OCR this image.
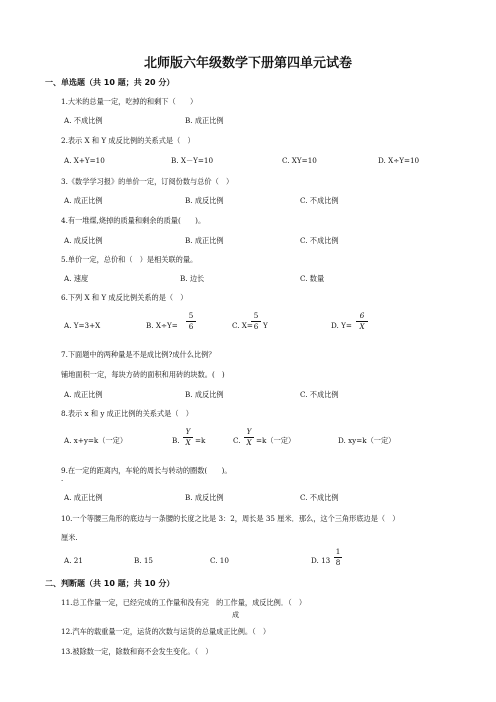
北师版六年级数学下册第四单元试卷
一、单选题（共 10 题；共 20 分）
1.大米的总量一定，吃掉的和剩下（　　）
A. 不成比例	B. 成正比例
2.表示 X 和 Y 成反比例的关系式是（　）
A. X+Y=10	B. X－Y=10	C. XY=10	D. X÷Y=10
3.《数学学习报》的单价一定，订阅份数与总价（　）
A. 成正比例	B. 成反比例	C. 不成比例
4.有一堆煤,烧掉的质量和剩余的质量(　　)。
A. 成反比例	B. 成正比例	C. 不成比例
5.单价一定，总价和（　）是相关联的量。
A. 速度	B. 边长	C. 数量
6.下列 X 和 Y 成反比例关系的是（　）
A. Y=3+X	B. $X\div Y= \frac{5}{6}$	C. X=
$\frac{5}{6}$ Y	D. $Y= \frac{6}{X}$
7.下面题中的两种量是不是成比例?成什么比例？
铺地面积一定，每块方砖的面积和用砖的块数。(　)
A. 成正比例	B. 成反比例	C. 不成比例
8.表示 x 和 y 成正比例的关系式是（　）
A. x+y=k（一定）	B. $\frac{Y}{X} =k$	C. $\frac{Y}{X} =k$（一定）	D. xy=k（一定）
9.在一定的距离内，车轮的周长与转动的圈数(　　)。
·
A. 成正比例	B. 成反比例	C. 不成比例
10.一个等腰三角形的底边与一条腰的长度之比是 3：2，周长是 35 厘米．那么，这个三角形底边是（　）
厘米.
A. 21	B. 15	C. 10	D. $13 \frac{1}{8}$
二、判断题（共 10 题；共 10 分）
11.总工作量一定，已经完成的工作量和没有完　的工作量，成反比例．（　）
成
12.汽车的载重量一定，运货的次数与运货的总量成正比例。（　）
13.被除数一定，除数和商不会发生变化。（　）
